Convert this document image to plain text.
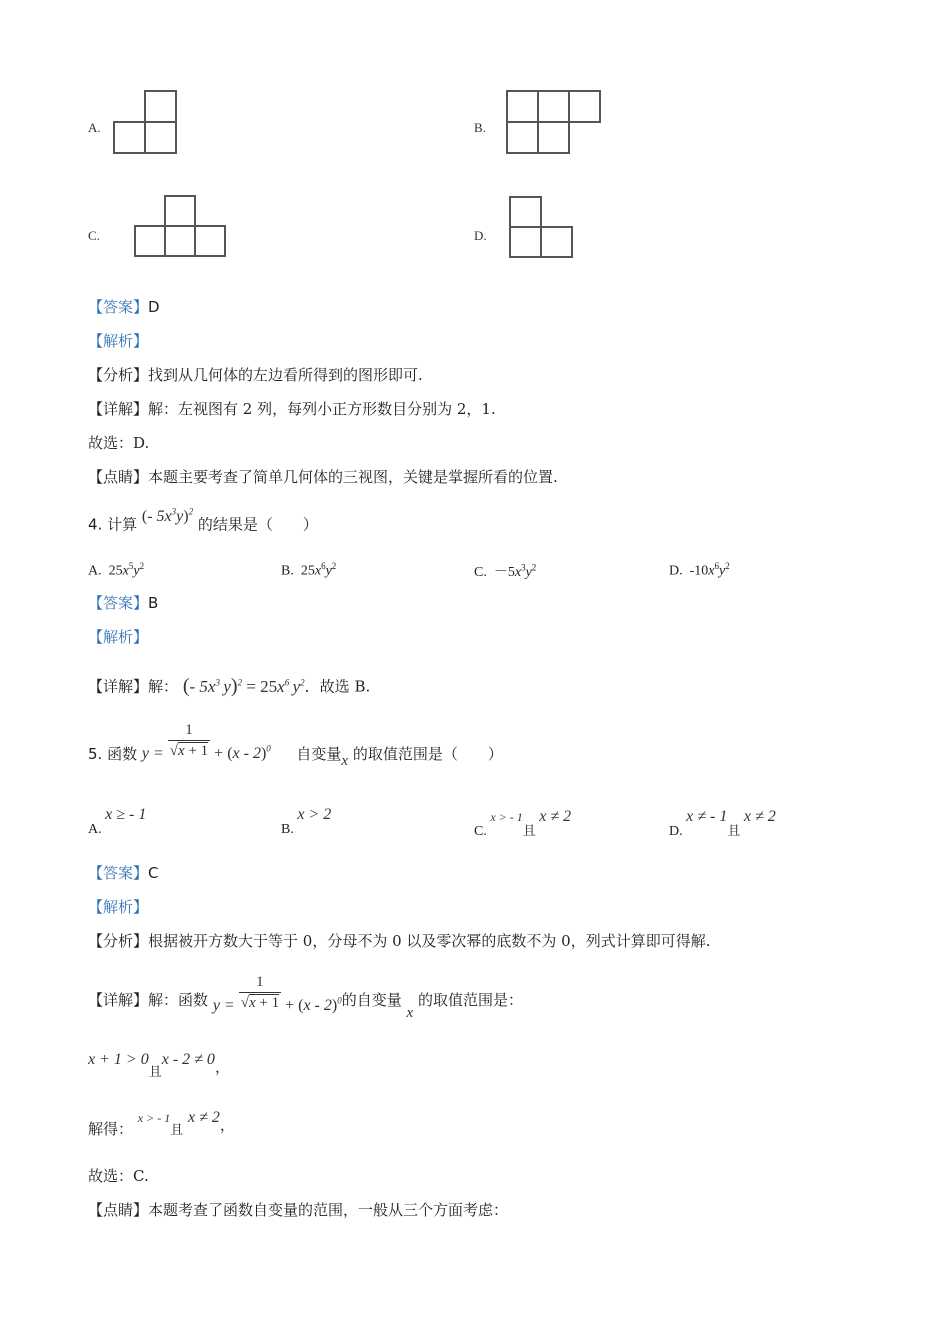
A.	B.
C.	D.
【答案】D
【解析】
【分析】找到从几何体的左边看所得到的图形即可.
【详解】解：左视图有 2 列，每列小正方形数目分别为 2，1.
故选：D.
【点睛】本题主要考查了简单几何体的三视图，关键是掌握所看的位置.
4. 计算 (- $5x^3y)^2$ 的结果是（　　）
A. $25x^5y^2$	B. $25x^6y^2$	C. $-5x^3y^2$	D. $-10x^6y^2$
【答案】B
【解析】
【详解】解： (- $5x^3$ $y)^2 = 25x^6$ $y^2$．故选 B.
5. 函数 $y = \frac{1}{√x + 1} + (x - 2)^0$ 自变量x 的取值范围是（　　）
A. x ≥ - 1
B. x > 2
C. x > - 1且 x ≠ 2
D. x ≠ - 1且 x ≠ 2
【答案】C
【解析】
【分析】根据被开方数大于等于 0，分母不为 0 以及零次幂的底数不为 0，列式计算即可得解.
【详解】解：函数 $y = \frac{1}{√x + 1} + (x - 2)^0$的自变量 x 的取值范围是：
x + 1 > 0且x - 2 ≠ 0，
解得： x > - 1且 x ≠ 2，
故选：C.
【点睛】本题考查了函数自变量的范围，一般从三个方面考虑：
